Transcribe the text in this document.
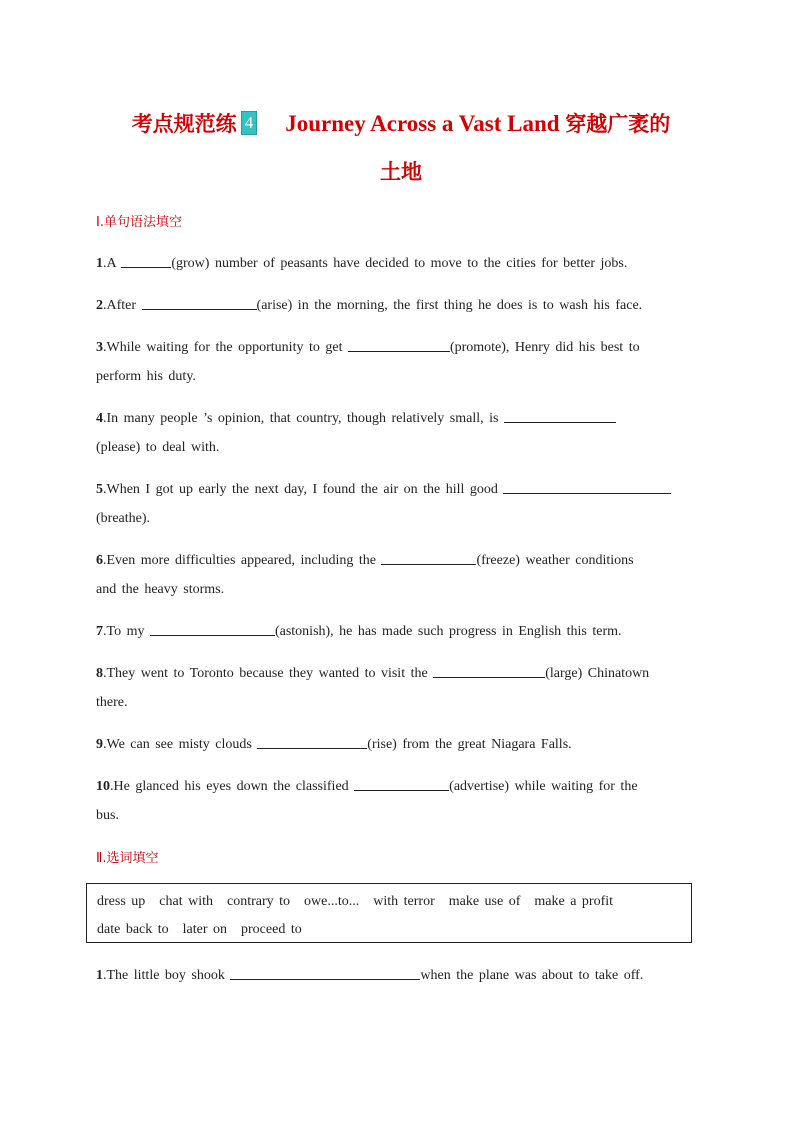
考点规范练 4 Journey Across a Vast Land 穿越广袤的
土地
Ⅰ.单句语法填空
1.A	(grow) number of peasants have decided to move to the cities for better jobs.
2.After	(arise) in the morning, the first thing he does is to wash his face.
3.While waiting for the opportunity to get	(promote), Henry did his best to
perform his duty.
4.In many people ’s opinion, that country, though relatively small, is
(please) to deal with.
5.When I got up early the next day, I found the air on the hill good
(breathe).
6.Even more difficulties appeared, including the	(freeze) weather conditions
and the heavy storms.
7.To my	(astonish), he has made such progress in English this term.
8.They went to Toronto because they wanted to visit the	(large) Chinatown
there.
9.We can see misty clouds	(rise) from the great Niagara Falls.
10.He glanced his eyes down the classified	(advertise) while waiting for the
bus.
Ⅱ.选词填空
dress up chat with contrary to owe...to... with terror make use of make a profit
date back to later on proceed to
1.The little boy shook	when the plane was about to take off.
